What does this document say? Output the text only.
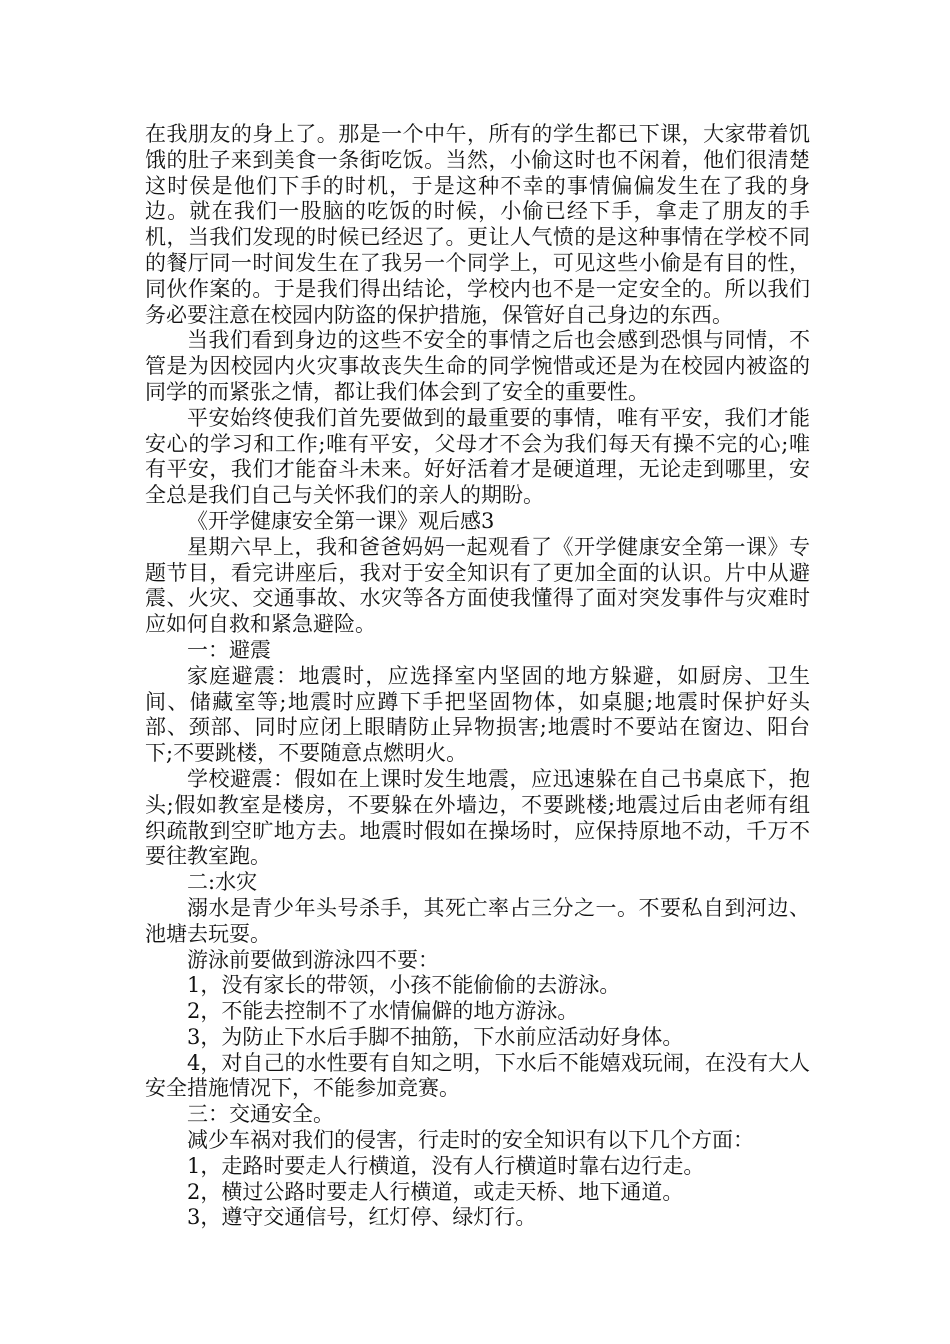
在我朋友的身上了。那是一个中午，所有的学生都已下课，大家带着饥饿的肚子来到美食一条街吃饭。当然，小偷这时也不闲着，他们很清楚这时侯是他们下手的时机，于是这种不幸的事情偏偏发生在了我的身边。就在我们一股脑的吃饭的时候，小偷已经下手，拿走了朋友的手机，当我们发现的时候已经迟了。更让人气愤的是这种事情在学校不同的餐厅同一时间发生在了我另一个同学上，可见这些小偷是有目的性，同伙作案的。于是我们得出结论，学校内也不是一定安全的。所以我们务必要注意在校园内防盗的保护措施，保管好自己身边的东西。

当我们看到身边的这些不安全的事情之后也会感到恐惧与同情，不管是为因校园内火灾事故丧失生命的同学惋惜或还是为在校园内被盗的同学的而紧张之情，都让我们体会到了安全的重要性。

平安始终使我们首先要做到的最重要的事情，唯有平安，我们才能安心的学习和工作;唯有平安，父母才不会为我们每天有操不完的心;唯有平安，我们才能奋斗未来。好好活着才是硬道理，无论走到哪里，安全总是我们自己与关怀我们的亲人的期盼。

《开学健康安全第一课》观后感3

星期六早上，我和爸爸妈妈一起观看了《开学健康安全第一课》专题节目，看完讲座后，我对于安全知识有了更加全面的认识。片中从避震、火灾、交通事故、水灾等各方面使我懂得了面对突发事件与灾难时应如何自救和紧急避险。

一：避震

家庭避震：地震时，应选择室内坚固的地方躲避，如厨房、卫生间、储藏室等;地震时应蹲下手把坚固物体，如桌腿;地震时保护好头部、颈部、同时应闭上眼睛防止异物损害;地震时不要站在窗边、阳台下;不要跳楼，不要随意点燃明火。

学校避震：假如在上课时发生地震，应迅速躲在自己书桌底下，抱头;假如教室是楼房，不要躲在外墙边，不要跳楼;地震过后由老师有组织疏散到空旷地方去。地震时假如在操场时，应保持原地不动，千万不要往教室跑。

二:水灾

溺水是青少年头号杀手，其死亡率占三分之一。不要私自到河边、池塘去玩耍。

游泳前要做到游泳四不要：

1，没有家长的带领，小孩不能偷偷的去游泳。

2，不能去控制不了水情偏僻的地方游泳。

3，为防止下水后手脚不抽筋，下水前应活动好身体。

4，对自己的水性要有自知之明，下水后不能嬉戏玩闹，在没有大人安全措施情况下，不能参加竞赛。

三：交通安全。

减少车祸对我们的侵害，行走时的安全知识有以下几个方面：

1，走路时要走人行横道，没有人行横道时靠右边行走。

2，横过公路时要走人行横道，或走天桥、地下通道。

3，遵守交通信号，红灯停、绿灯行。
